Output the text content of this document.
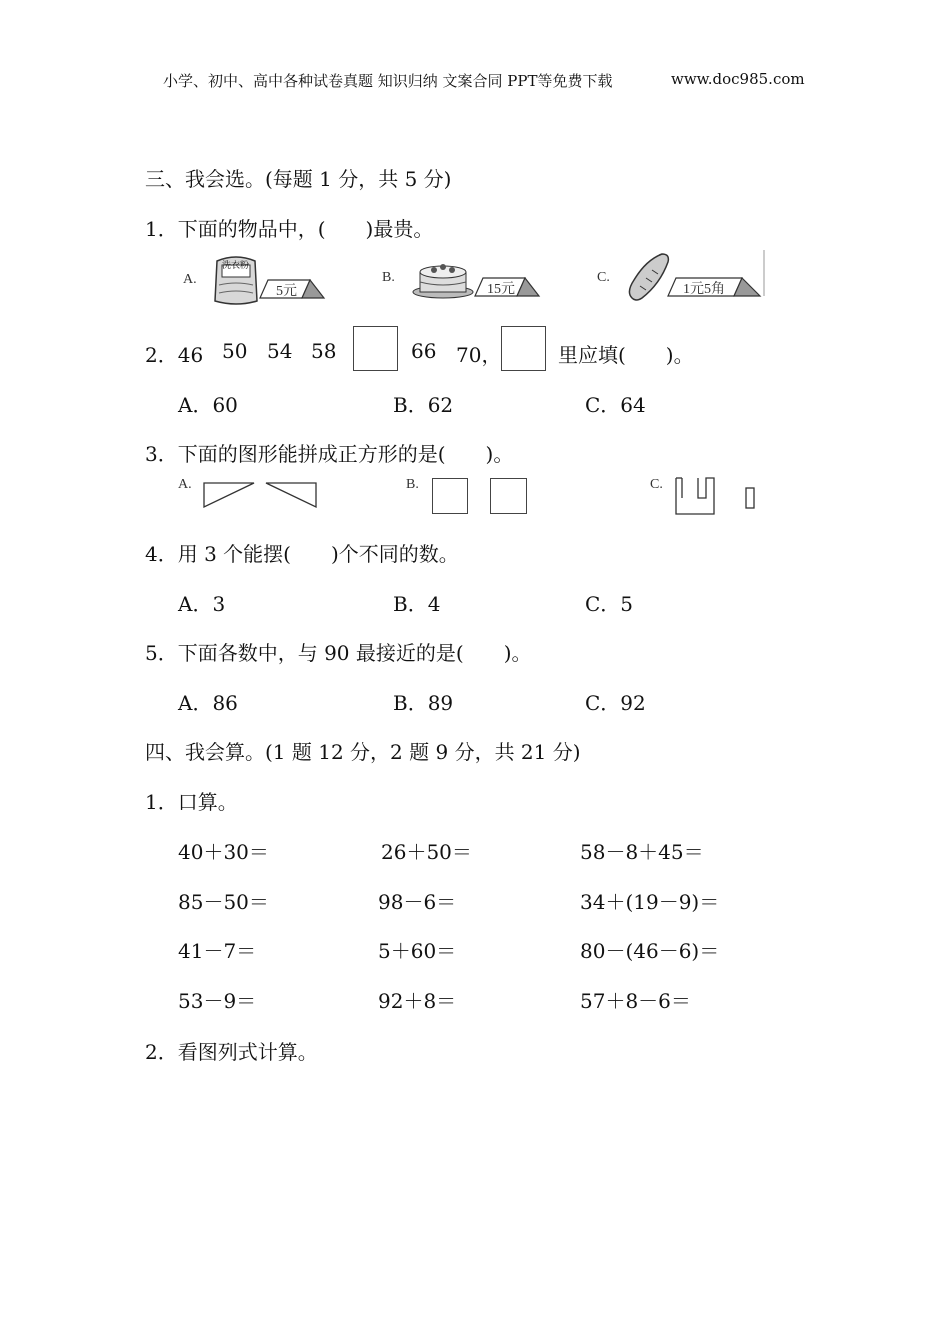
小学、初中、高中各种试卷真题 知识归纳 文案合同 PPT等免费下载	www.doc985.com
三、我会选。(每题 1 分，共 5 分)
1．下面的物品中，(　　)最贵。
A.
洗衣粉
5元
B.
15元
C.
1元5角
2．46 50 54 58	66 70，	里应填(　　)。
A．60	B．62	C．64
3．下面的图形能拼成正方形的是(　　)。
A.	B.	C.
4．用 3 个能摆(　　)个不同的数。
A．3	B．4	C．5
5．下面各数中，与 90 最接近的是(　　)。
A．86	B．89	C．92
四、我会算。(1 题 12 分，2 题 9 分，共 21 分)
1．口算。
40＋30＝	26＋50＝	58－8＋45＝
85－50＝	98－6＝	34＋(19－9)＝
41－7＝	5＋60＝	80－(46－6)＝
53－9＝	92＋8＝	57＋8－6＝
2．看图列式计算。
